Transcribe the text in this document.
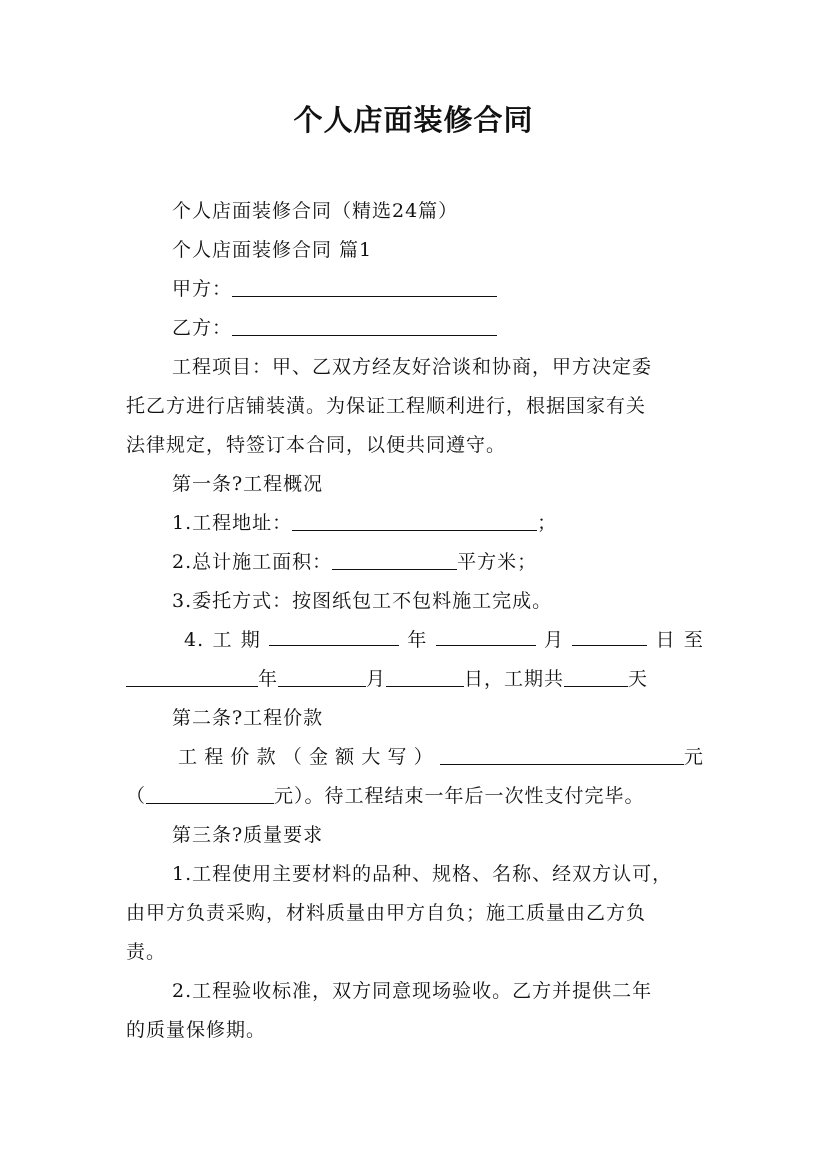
个人店面装修合同
个人店面装修合同（精选24篇）
个人店面装修合同 篇1
甲方：
乙方：
工程项目：甲、乙双方经友好洽谈和协商，甲方决定委
托乙方进行店铺装潢。为保证工程顺利进行，根据国家有关
法律规定，特签订本合同，以便共同遵守。
第一条?工程概况
1.工程地址：	；
2.总计施工面积：	平方米；
3.委托方式：按图纸包工不包料施工完成。
4. 工 期	年	月	日 至
年	月	日，工期共	天
第二条?工程价款
工 程 价 款 （ 金 额 大 写 ）	元
（	元）。待工程结束一年后一次性支付完毕。
第三条?质量要求
1.工程使用主要材料的品种、规格、名称、经双方认可，
由甲方负责采购，材料质量由甲方自负；施工质量由乙方负
责。
2.工程验收标准，双方同意现场验收。乙方并提供二年
的质量保修期。
